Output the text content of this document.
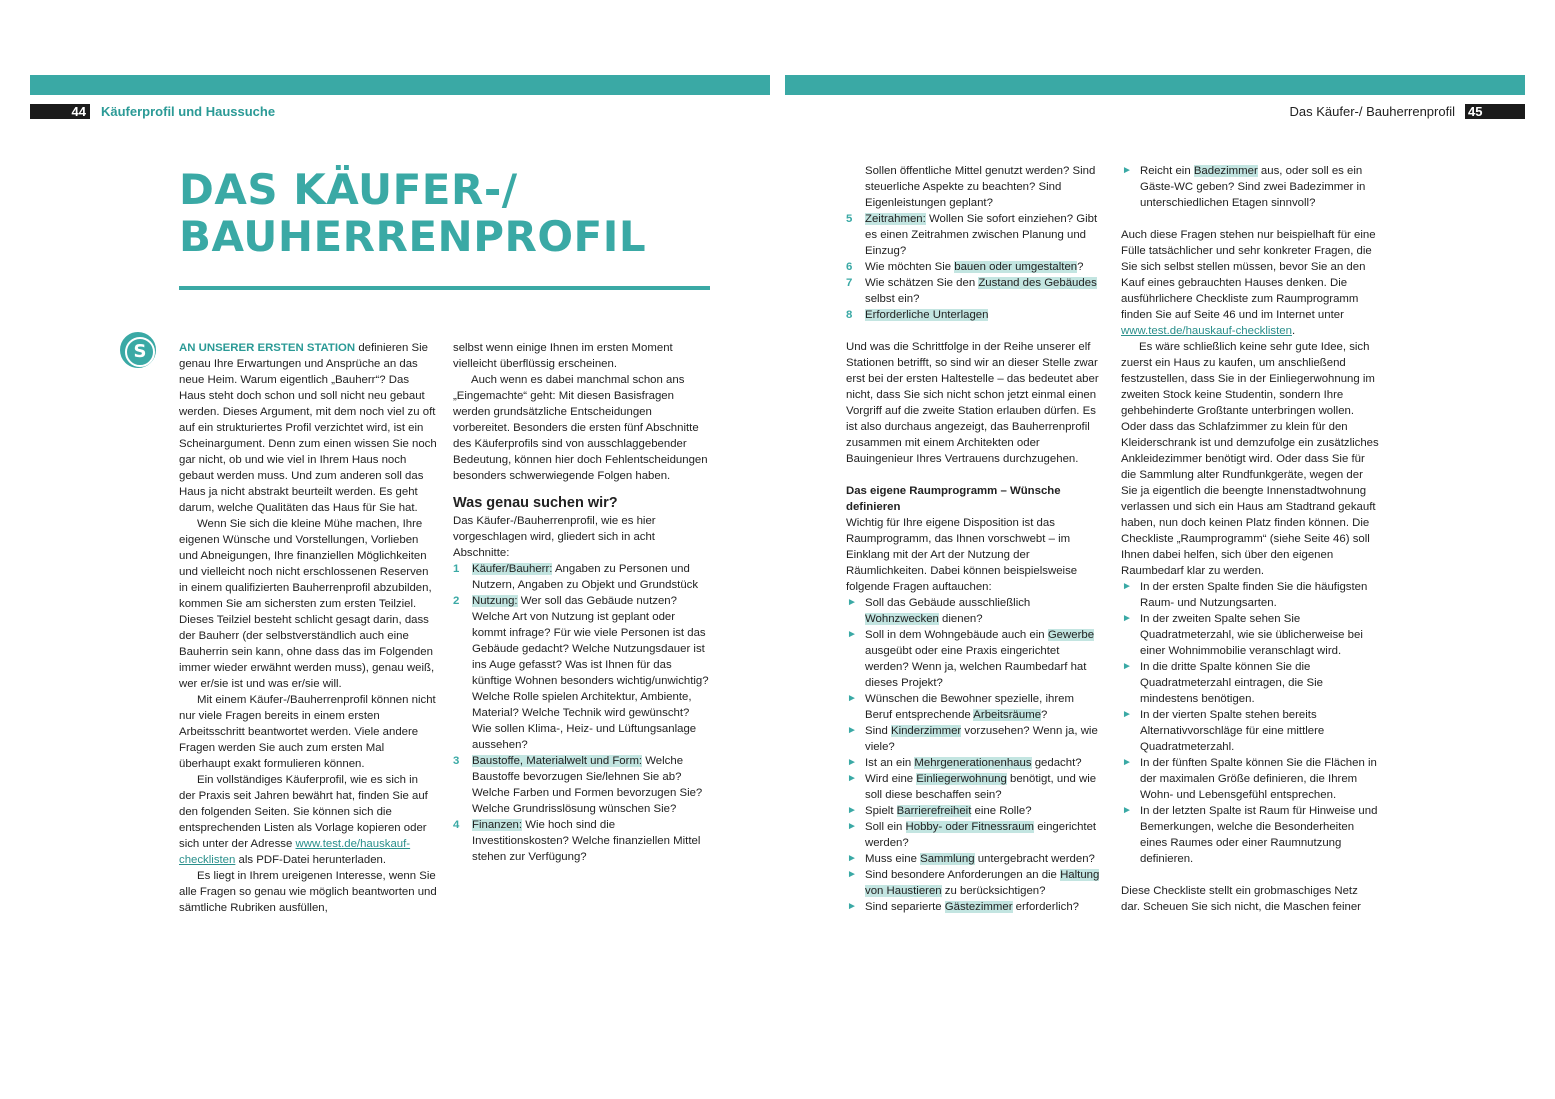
44	Käuferprofil und Haussuche	Das Käufer-/ Bauherrenprofil 45
DAS KÄUFER-/
BAUHERRENPROFIL
S	AN UNSERER ERSTEN STATION definieren Sie genau Ihre Erwartungen und Ansprüche an das neue Heim. Warum eigentlich „Bauherr“? Das Haus steht doch schon und soll nicht neu gebaut werden. Dieses Argument, mit dem noch viel zu oft auf ein strukturiertes Profil verzichtet wird, ist ein Scheinargument. Denn zum einen wissen Sie noch gar nicht, ob und wie viel in Ihrem Haus noch gebaut werden muss. Und zum anderen soll das Haus ja nicht abstrakt beurteilt werden. Es geht darum, welche Qualitäten das Haus für Sie hat.

Wenn Sie sich die kleine Mühe machen, Ihre eigenen Wünsche und Vorstellungen, Vorlieben und Abneigungen, Ihre finanziellen Möglichkeiten und vielleicht noch nicht erschlossenen Reserven in einem qualifizierten Bauherrenprofil abzubilden, kommen Sie am sichersten zum ersten Teilziel. Dieses Teilziel besteht schlicht gesagt darin, dass der Bauherr (der selbstverständlich auch eine Bauherrin sein kann, ohne dass das im Folgenden immer wieder erwähnt werden muss), genau weiß, wer er/sie ist und was er/sie will.

Mit einem Käufer-/Bauherrenprofil können nicht nur viele Fragen bereits in einem ersten Arbeitsschritt beantwortet werden. Viele andere Fragen werden Sie auch zum ersten Mal überhaupt exakt formulieren können.

Ein vollständiges Käuferprofil, wie es sich in der Praxis seit Jahren bewährt hat, finden Sie auf den folgenden Seiten. Sie können sich die entsprechenden Listen als Vorlage kopieren oder sich unter der Adresse www.test.de/hauskauf-checklisten als PDF-Datei herunterladen.

Es liegt in Ihrem ureigenen Interesse, wenn Sie alle Fragen so genau wie möglich beantworten und sämtliche Rubriken ausfüllen,

selbst wenn einige Ihnen im ersten Moment vielleicht überflüssig erscheinen.

Auch wenn es dabei manchmal schon ans „Eingemachte“ geht: Mit diesen Basisfragen werden grundsätzliche Entscheidungen vorbereitet. Besonders die ersten fünf Abschnitte des Käuferprofils sind von ausschlaggebender Bedeutung, können hier doch Fehlentscheidungen besonders schwerwiegende Folgen haben.

Was genau suchen wir?

Das Käufer-/Bauherrenprofil, wie es hier vorgeschlagen wird, gliedert sich in acht Abschnitte:

1 Käufer/Bauherr: Angaben zu Personen und Nutzern, Angaben zu Objekt und Grundstück
2 Nutzung: Wer soll das Gebäude nutzen? Welche Art von Nutzung ist geplant oder kommt infrage? Für wie viele Personen ist das Gebäude gedacht? Welche Nutzungsdauer ist ins Auge gefasst? Was ist Ihnen für das künftige Wohnen besonders wichtig/unwichtig? Welche Rolle spielen Architektur, Ambiente, Material? Welche Technik wird gewünscht? Wie sollen Klima-, Heiz- und Lüftungsanlage aussehen?
3 Baustoffe, Materialwelt und Form: Welche Baustoffe bevorzugen Sie/lehnen Sie ab? Welche Farben und Formen bevorzugen Sie? Welche Grundrisslösung wünschen Sie?
4 Finanzen: Wie hoch sind die Investitionskosten? Welche finanziellen Mittel stehen zur Verfügung?
Sollen öffentliche Mittel genutzt werden? Sind steuerliche Aspekte zu beachten? Sind Eigenleistungen geplant?
5 Zeitrahmen: Wollen Sie sofort einziehen? Gibt es einen Zeitrahmen zwischen Planung und Einzug?
6 Wie möchten Sie bauen oder umgestalten?
7 Wie schätzen Sie den Zustand des Gebäudes selbst ein?
8 Erforderliche Unterlagen

Und was die Schrittfolge in der Reihe unserer elf Stationen betrifft, so sind wir an dieser Stelle zwar erst bei der ersten Haltestelle – das bedeutet aber nicht, dass Sie sich nicht schon jetzt einmal einen Vorgriff auf die zweite Station erlauben dürfen. Es ist also durchaus angezeigt, das Bauherrenprofil zusammen mit einem Architekten oder Bauingenieur Ihres Vertrauens durchzugehen.

Das eigene Raumprogramm – Wünsche definieren

Wichtig für Ihre eigene Disposition ist das Raumprogramm, das Ihnen vorschwebt – im Einklang mit der Art der Nutzung der Räumlichkeiten. Dabei können beispielsweise folgende Fragen auftauchen:

► Soll das Gebäude ausschließlich Wohnzwecken dienen?
► Soll in dem Wohngebäude auch ein Gewerbe ausgeübt oder eine Praxis eingerichtet werden? Wenn ja, welchen Raumbedarf hat dieses Projekt?
► Wünschen die Bewohner spezielle, ihrem Beruf entsprechende Arbeitsräume?
► Sind Kinderzimmer vorzusehen? Wenn ja, wie viele?
► Ist an ein Mehrgenerationenhaus gedacht?
► Wird eine Einliegerwohnung benötigt, und wie soll diese beschaffen sein?
► Spielt Barrierefreiheit eine Rolle?
► Soll ein Hobby- oder Fitnessraum eingerichtet werden?
► Muss eine Sammlung untergebracht werden?
► Sind besondere Anforderungen an die Haltung von Haustieren zu berücksichtigen?
► Sind separierte Gästezimmer erforderlich?
► Reicht ein Badezimmer aus, oder soll es ein Gäste-WC geben? Sind zwei Badezimmer in unterschiedlichen Etagen sinnvoll?

Auch diese Fragen stehen nur beispielhaft für eine Fülle tatsächlicher und sehr konkreter Fragen, die Sie sich selbst stellen müssen, bevor Sie an den Kauf eines gebrauchten Hauses denken. Die ausführlichere Checkliste zum Raumprogramm finden Sie auf Seite 46 und im Internet unter www.test.de/hauskauf-checklisten.

Es wäre schließlich keine sehr gute Idee, sich zuerst ein Haus zu kaufen, um anschließend festzustellen, dass Sie in der Einliegerwohnung im zweiten Stock keine Studentin, sondern Ihre gehbehinderte Großtante unterbringen wollen. Oder dass das Schlafzimmer zu klein für den Kleiderschrank ist und demzufolge ein zusätzliches Ankleidezimmer benötigt wird. Oder dass Sie für die Sammlung alter Rundfunkgeräte, wegen der Sie ja eigentlich die beengte Innenstadtwohnung verlassen und sich ein Haus am Stadtrand gekauft haben, nun doch keinen Platz finden können. Die Checkliste „Raumprogramm“ (siehe Seite 46) soll Ihnen dabei helfen, sich über den eigenen Raumbedarf klar zu werden.

► In der ersten Spalte finden Sie die häufigsten Raum- und Nutzungsarten.
► In der zweiten Spalte sehen Sie Quadratmeterzahl, wie sie üblicherweise bei einer Wohnimmobilie veranschlagt wird.
► In die dritte Spalte können Sie die Quadratmeterzahl eintragen, die Sie mindestens benötigen.
► In der vierten Spalte stehen bereits Alternativvorschläge für eine mittlere Quadratmeterzahl.
► In der fünften Spalte können Sie die Flächen in der maximalen Größe definieren, die Ihrem Wohn- und Lebensgefühl entsprechen.
► In der letzten Spalte ist Raum für Hinweise und Bemerkungen, welche die Besonderheiten eines Raumes oder einer Raumnutzung definieren.

Diese Checkliste stellt ein grobmaschiges Netz dar. Scheuen Sie sich nicht, die Maschen feiner
